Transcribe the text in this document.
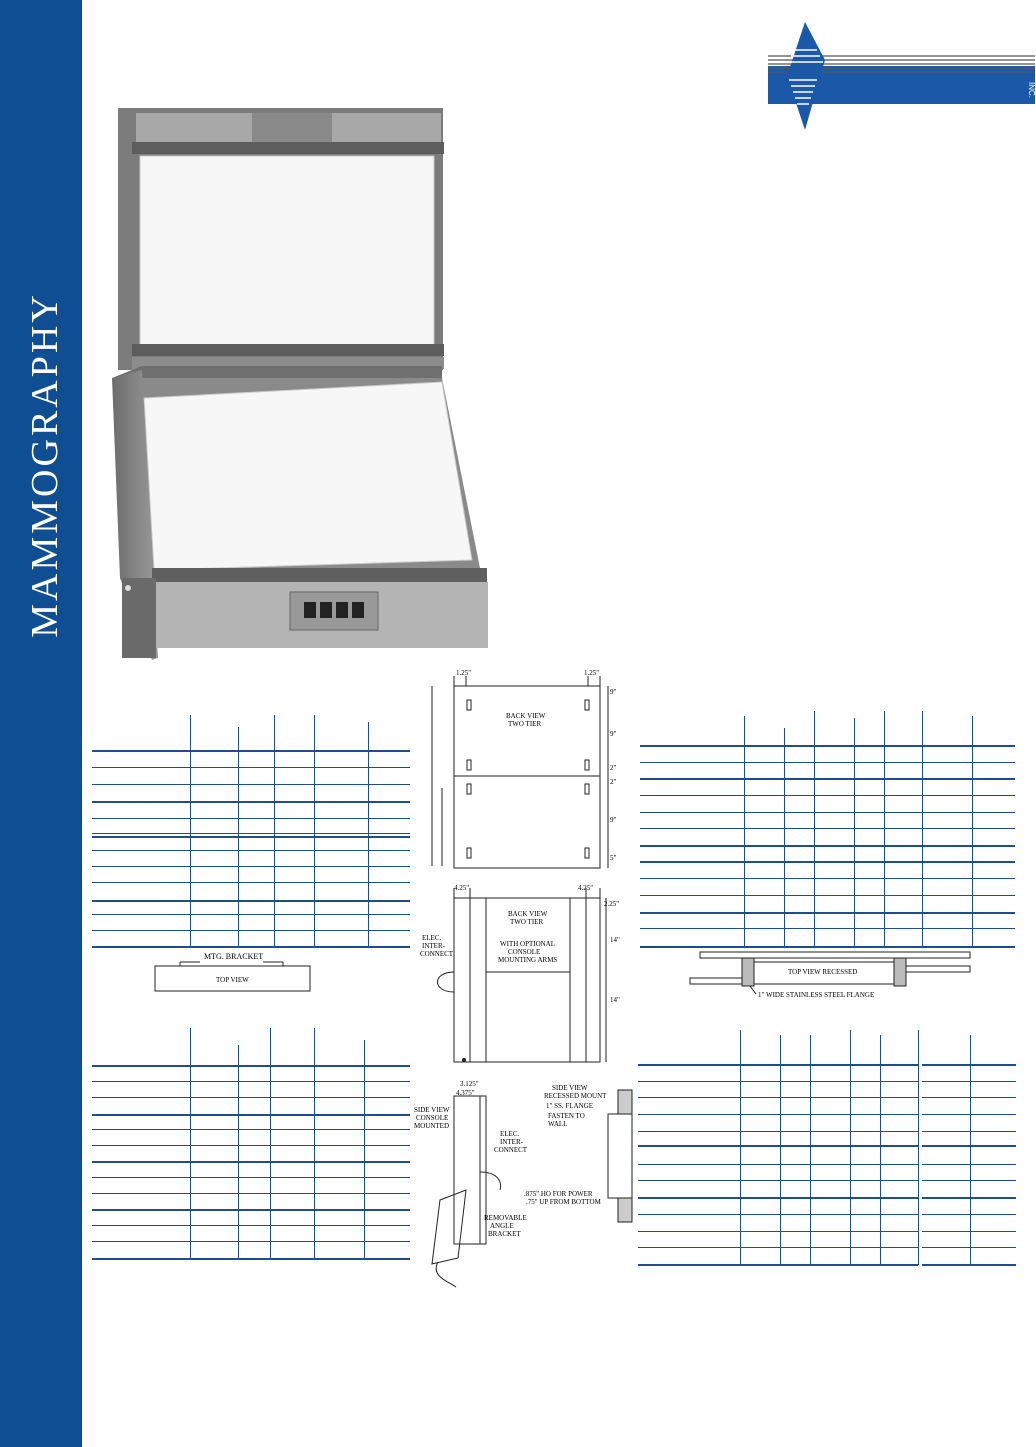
MAMMOGRAPHY
INC.
MTG. BRACKET
TOP VIEW
TOP VIEW RECESSED
1" WIDE STAINLESS STEEL FLANGE
1.25"	1.25"
BACK VIEW
TWO TIER
9"
9"
2"
2"
9"
5"
4.25"	4.25"
2.25"
BACK VIEW
TWO TIER
WITH OPTIONAL
CONSOLE
MOUNTING ARMS
ELEC.
INTER-
CONNECT
14"
14"
3.125"
4.375"
SIDE VIEW
CONSOLE
MOUNTED
ELEC.
INTER-
CONNECT
REMOVABLE
ANGLE
BRACKET
SIDE VIEW
RECESSED MOUNT
1" SS. FLANGE
FASTEN TO
WALL
.875" HO FOR POWER
.75" UP FROM BOTTOM
